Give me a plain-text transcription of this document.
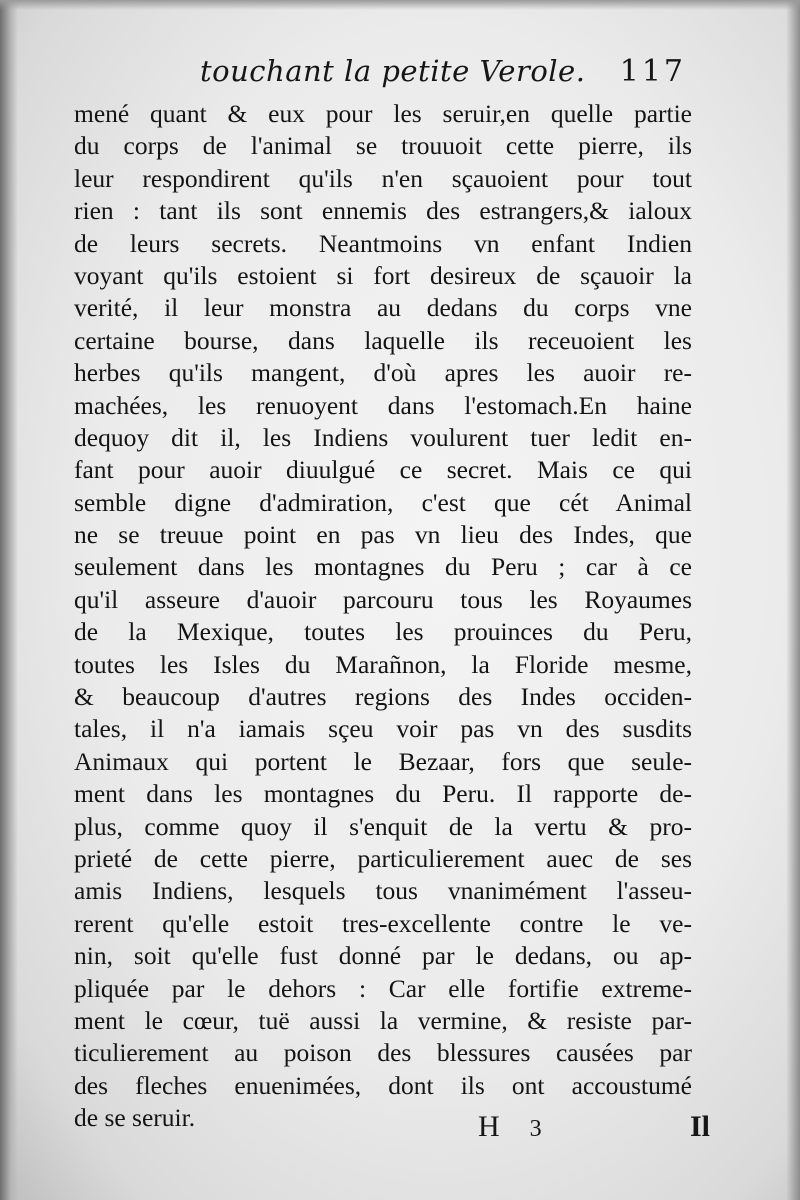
touchant la petite Verole. 117
mené quant & eux pour les seruir,en quelle partie
du corps de l'animal se trouuoit cette pierre, ils
leur respondirent qu'ils n'en sçauoient pour tout
rien : tant ils sont ennemis des estrangers,& ialoux
de leurs secrets. Neantmoins vn enfant Indien
voyant qu'ils estoient si fort desireux de sçauoir la
verité, il leur monstra au dedans du corps vne
certaine bourse, dans laquelle ils receuoient les
herbes qu'ils mangent, d'où apres les auoir re-
machées, les renuoyent dans l'estomach.En haine
dequoy dit il, les Indiens voulurent tuer ledit en-
fant pour auoir diuulgué ce secret. Mais ce qui
semble digne d'admiration, c'est que cét Animal
ne se treuue point en pas vn lieu des Indes, que
seulement dans les montagnes du Peru ; car à ce
qu'il asseure d'auoir parcouru tous les Royaumes
de la Mexique, toutes les prouinces du Peru,
toutes les Isles du Marañnon, la Floride mesme,
& beaucoup d'autres regions des Indes occiden-
tales, il n'a iamais sçeu voir pas vn des susdits
Animaux qui portent le Bezaar, fors que seule-
ment dans les montagnes du Peru. Il rapporte de-
plus, comme quoy il s'enquit de la vertu & pro-
prieté de cette pierre, particulierement auec de ses
amis Indiens, lesquels tous vnanimément l'asseu-
rerent qu'elle estoit tres-excellente contre le ve-
nin, soit qu'elle fust donné par le dedans, ou ap-
pliquée par le dehors : Car elle fortifie extreme-
ment le cœur, tuë aussi la vermine, & resiste par-
ticulierement au poison des blessures causées par
des fleches enuenimées, dont ils ont accoustumé
de se seruir.	H 3	Il
